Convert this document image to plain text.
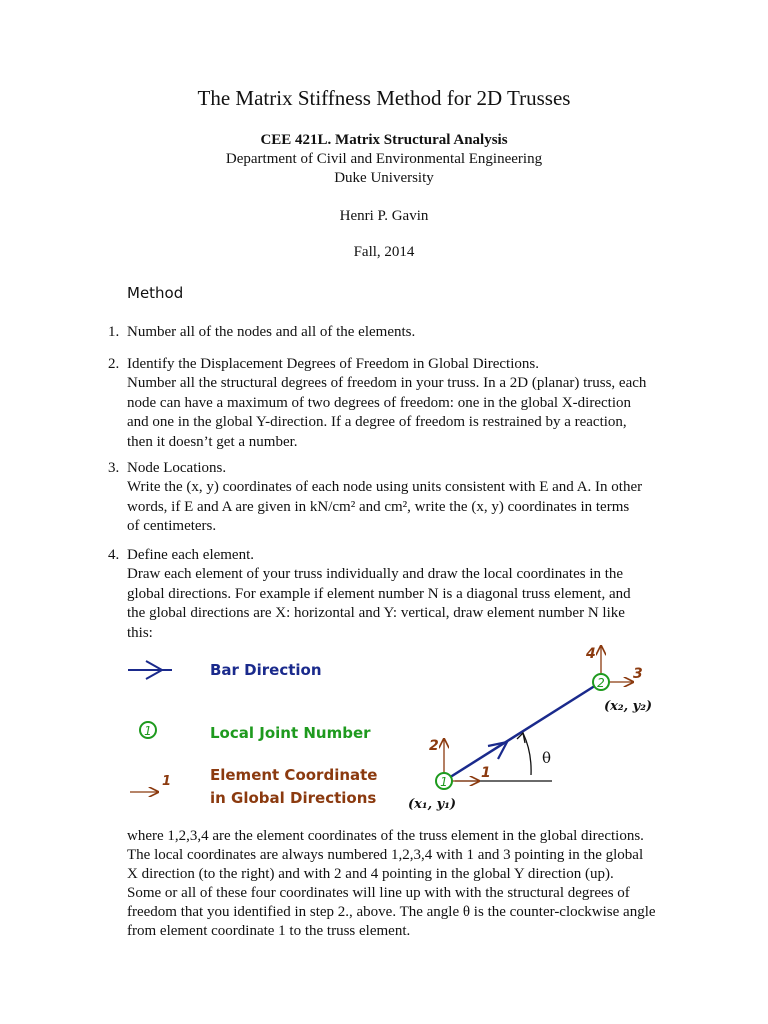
The Matrix Stiffness Method for 2D Trusses
CEE 421L. Matrix Structural Analysis
Department of Civil and Environmental Engineering
Duke University
Henri P. Gavin
Fall, 2014
Method
1. Number all of the nodes and all of the elements.
2. Identify the Displacement Degrees of Freedom in Global Directions.
Number all the structural degrees of freedom in your truss. In a 2D (planar) truss, each
node can have a maximum of two degrees of freedom: one in the global X-direction
and one in the global Y-direction. If a degree of freedom is restrained by a reaction,
then it doesn’t get a number.
3. Node Locations.
Write the (x, y) coordinates of each node using units consistent with E and A. In other
words, if E and A are given in kN/cm² and cm², write the (x, y) coordinates in terms
of centimeters.
4. Define each element.
Draw each element of your truss individually and draw the local coordinates in the
global directions. For example if element number N is a diagonal truss element, and
the global directions are X: horizontal and Y: vertical, draw element number N like
this:
Bar Direction
Local Joint Number
Element Coordinate
in Global Directions
1
1
θ
1
2
1
(x₁, y₁)
3
4
2
(x₂, y₂)
where 1,2,3,4 are the element coordinates of the truss element in the global directions.
The local coordinates are always numbered 1,2,3,4 with 1 and 3 pointing in the global
X direction (to the right) and with 2 and 4 pointing in the global Y direction (up).
Some or all of these four coordinates will line up with with the structural degrees of
freedom that you identified in step 2., above. The angle θ is the counter-clockwise angle
from element coordinate 1 to the truss element.
